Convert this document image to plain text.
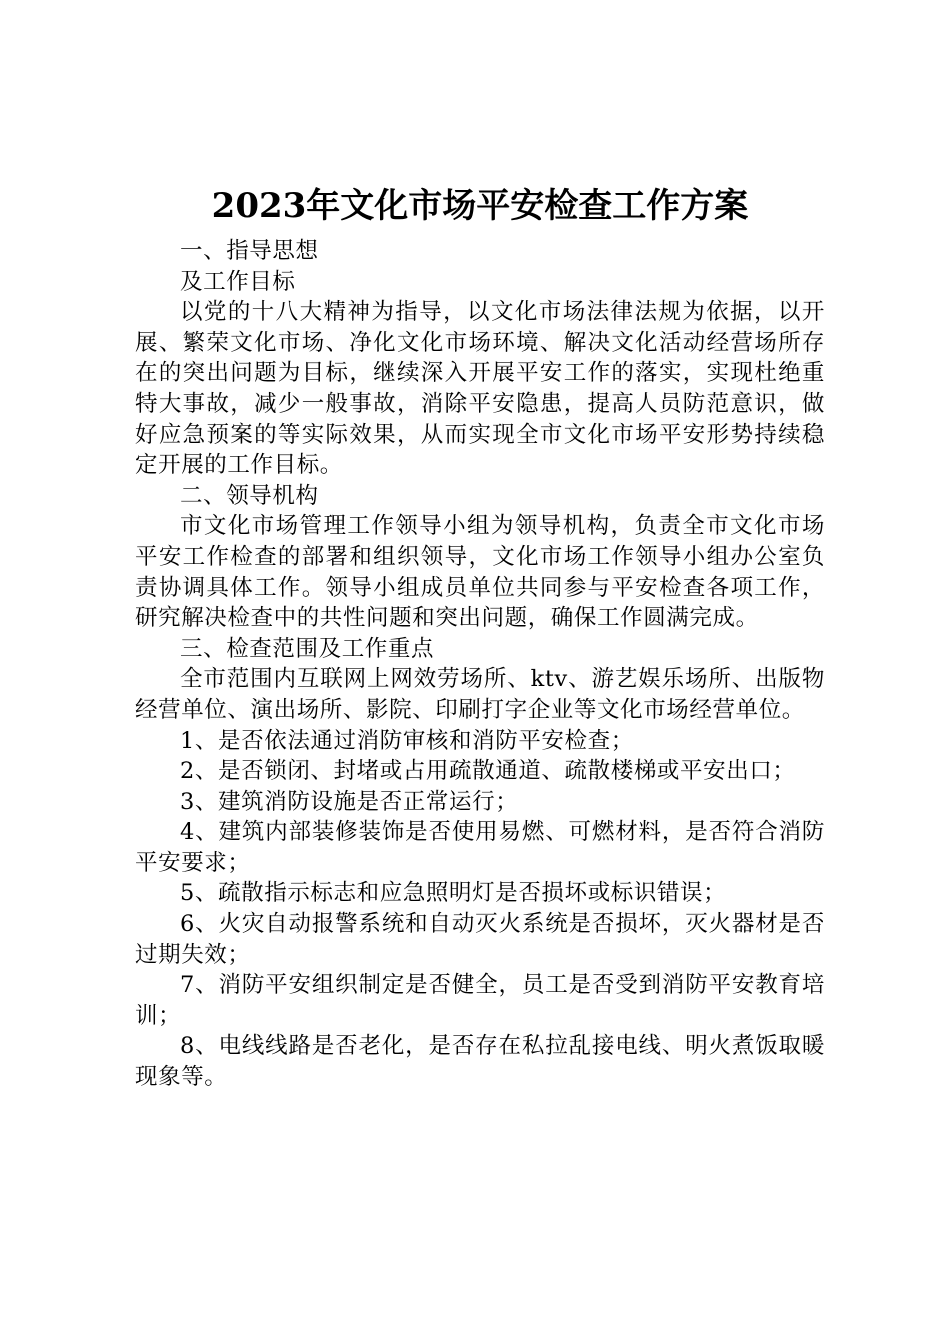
2023年文化市场平安检查工作方案

一、指导思想

及工作目标

以党的十八大精神为指导，以文化市场法律法规为依据，以开展、繁荣文化市场、净化文化市场环境、解决文化活动经营场所存在的突出问题为目标，继续深入开展平安工作的落实，实现杜绝重特大事故，减少一般事故，消除平安隐患，提高人员防范意识，做好应急预案的等实际效果，从而实现全市文化市场平安形势持续稳定开展的工作目标。

二、领导机构

市文化市场管理工作领导小组为领导机构，负责全市文化市场平安工作检查的部署和组织领导，文化市场工作领导小组办公室负责协调具体工作。领导小组成员单位共同参与平安检查各项工作，研究解决检查中的共性问题和突出问题，确保工作圆满完成。

三、检查范围及工作重点

全市范围内互联网上网效劳场所、ktv、游艺娱乐场所、出版物经营单位、演出场所、影院、印刷打字企业等文化市场经营单位。

1、是否依法通过消防审核和消防平安检查；

2、是否锁闭、封堵或占用疏散通道、疏散楼梯或平安出口；

3、建筑消防设施是否正常运行；

4、建筑内部装修装饰是否使用易燃、可燃材料，是否符合消防平安要求；

5、疏散指示标志和应急照明灯是否损坏或标识错误；

6、火灾自动报警系统和自动灭火系统是否损坏，灭火器材是否过期失效；

7、消防平安组织制定是否健全，员工是否受到消防平安教育培训；

8、电线线路是否老化，是否存在私拉乱接电线、明火煮饭取暖现象等。
